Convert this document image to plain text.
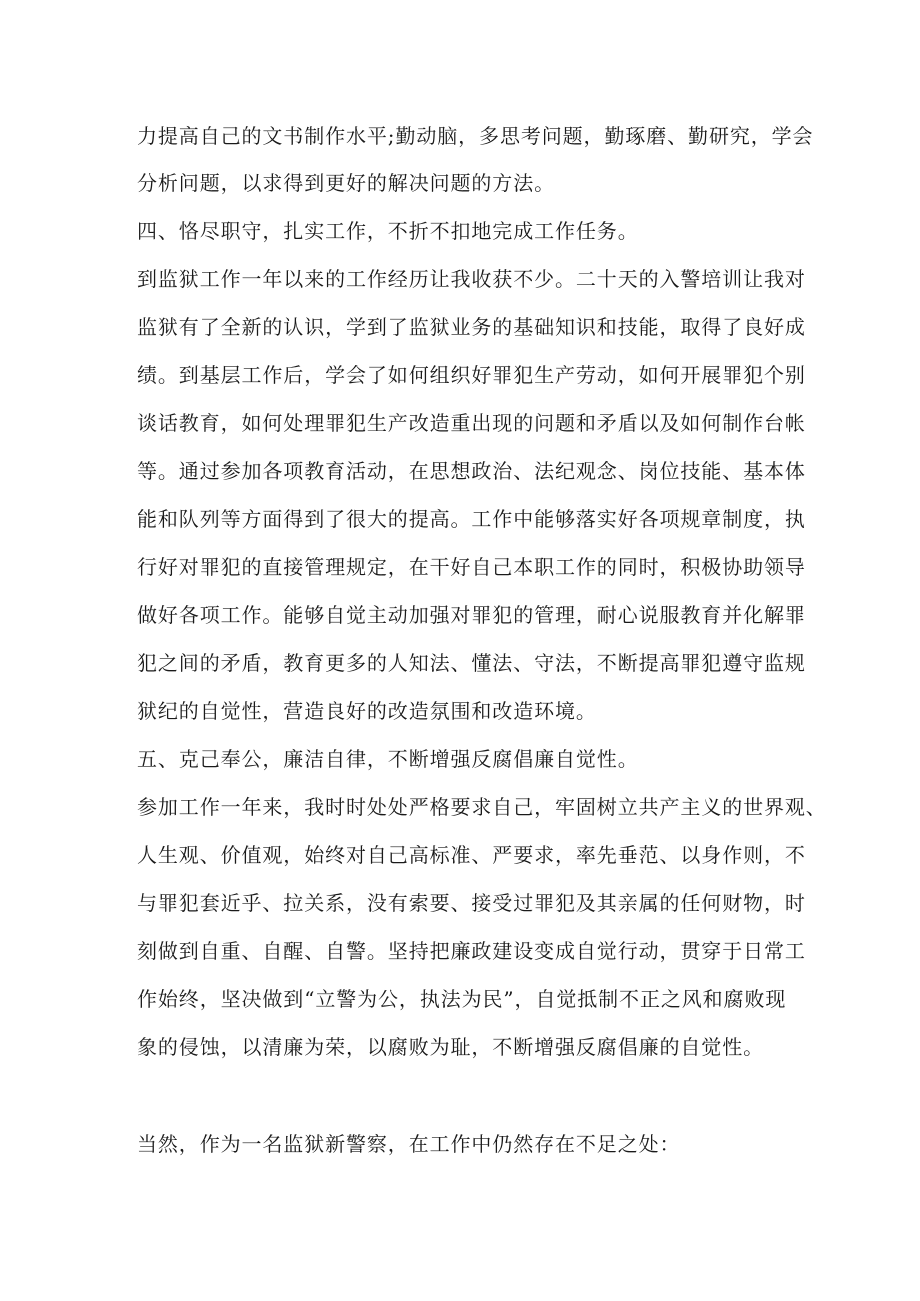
力提高自己的文书制作水平;勤动脑，多思考问题，勤琢磨、勤研究，学会
分析问题，以求得到更好的解决问题的方法。
四、恪尽职守，扎实工作，不折不扣地完成工作任务。
到监狱工作一年以来的工作经历让我收获不少。二十天的入警培训让我对
监狱有了全新的认识，学到了监狱业务的基础知识和技能，取得了良好成
绩。到基层工作后，学会了如何组织好罪犯生产劳动，如何开展罪犯个别
谈话教育，如何处理罪犯生产改造重出现的问题和矛盾以及如何制作台帐
等。通过参加各项教育活动，在思想政治、法纪观念、岗位技能、基本体
能和队列等方面得到了很大的提高。工作中能够落实好各项规章制度，执
行好对罪犯的直接管理规定，在干好自己本职工作的同时，积极协助领导
做好各项工作。能够自觉主动加强对罪犯的管理，耐心说服教育并化解罪
犯之间的矛盾，教育更多的人知法、懂法、守法，不断提高罪犯遵守监规
狱纪的自觉性，营造良好的改造氛围和改造环境。
五、克己奉公，廉洁自律，不断增强反腐倡廉自觉性。
参加工作一年来，我时时处处严格要求自己，牢固树立共产主义的世界观、
人生观、价值观，始终对自己高标准、严要求，率先垂范、以身作则，不
与罪犯套近乎、拉关系，没有索要、接受过罪犯及其亲属的任何财物，时
刻做到自重、自醒、自警。坚持把廉政建设变成自觉行动，贯穿于日常工
作始终，坚决做到“立警为公，执法为民”，自觉抵制不正之风和腐败现
象的侵蚀，以清廉为荣，以腐败为耻，不断增强反腐倡廉的自觉性。
当然，作为一名监狱新警察，在工作中仍然存在不足之处：
